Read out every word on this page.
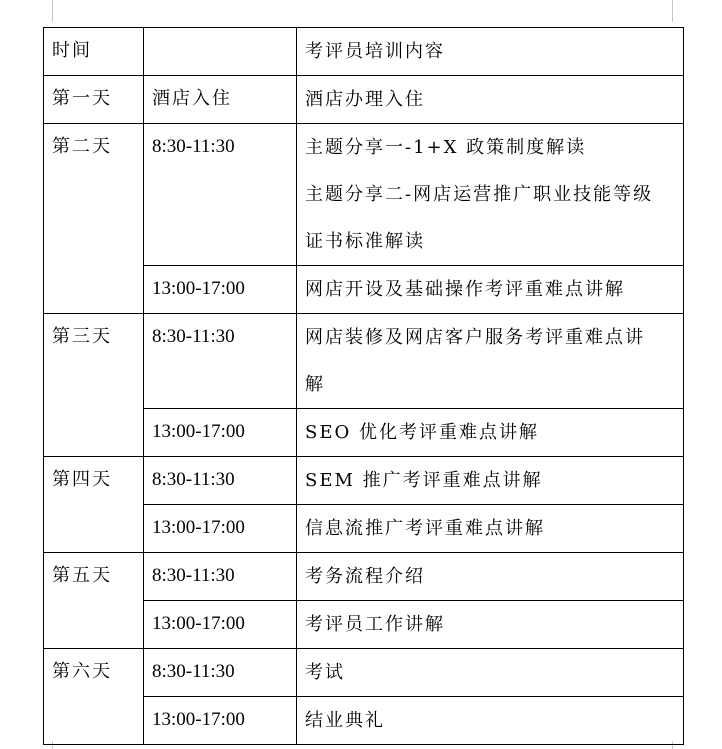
时间		考评员培训内容

第一天	酒店入住	酒店办理入住

第二天	8:30-11:30	主题分享一-1+X 政策制度解读
主题分享二-网店运营推广职业技能等级
证书标准解读

	13:00-17:00	网店开设及基础操作考评重难点讲解

第三天	8:30-11:30	网店装修及网店客户服务考评重难点讲
解

	13:00-17:00	SEO 优化考评重难点讲解

第四天	8:30-11:30	SEM 推广考评重难点讲解

	13:00-17:00	信息流推广考评重难点讲解

第五天	8:30-11:30	考务流程介绍

	13:00-17:00	考评员工作讲解

第六天	8:30-11:30	考试

	13:00-17:00	结业典礼
